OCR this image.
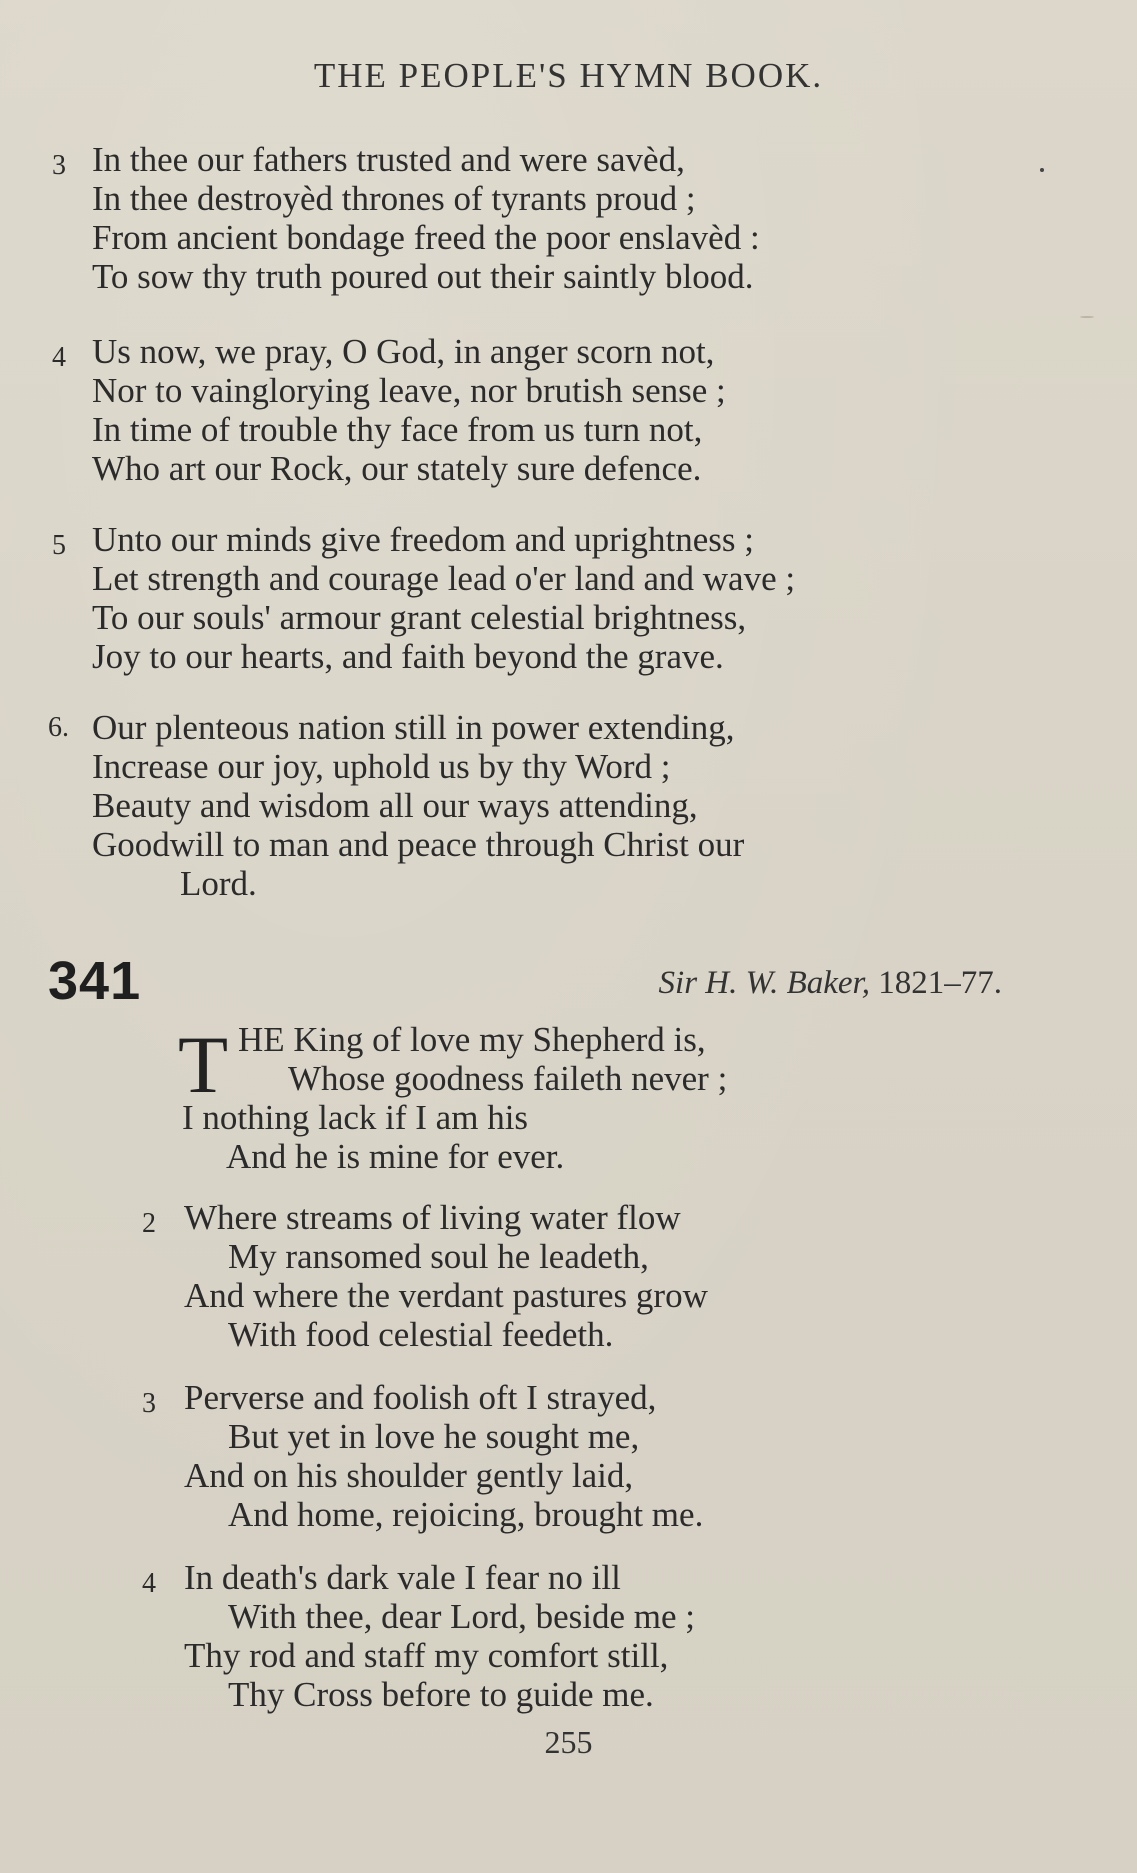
THE PEOPLE'S HYMN BOOK.
3 In thee our fathers trusted and were savèd,
In thee destroyèd thrones of tyrants proud ;
From ancient bondage freed the poor enslavèd :
To sow thy truth poured out their saintly blood.
4 Us now, we pray, O God, in anger scorn not,
Nor to vainglorying leave, nor brutish sense ;
In time of trouble thy face from us turn not,
Who art our Rock, our stately sure defence.
5 Unto our minds give freedom and uprightness ;
Let strength and courage lead o'er land and wave ;
To our souls' armour grant celestial brightness,
Joy to our hearts, and faith beyond the grave.
6. Our plenteous nation still in power extending,
Increase our joy, uphold us by thy Word ;
Beauty and wisdom all our ways attending,
Goodwill to man and peace through Christ our
Lord.
341	Sir H. W. Baker, 1821–77.
T HE King of love my Shepherd is,
Whose goodness faileth never ;
I nothing lack if I am his
And he is mine for ever.
2 Where streams of living water flow
My ransomed soul he leadeth,
And where the verdant pastures grow
With food celestial feedeth.
3 Perverse and foolish oft I strayed,
But yet in love he sought me,
And on his shoulder gently laid,
And home, rejoicing, brought me.
4 In death's dark vale I fear no ill
With thee, dear Lord, beside me ;
Thy rod and staff my comfort still,
Thy Cross before to guide me.
255
